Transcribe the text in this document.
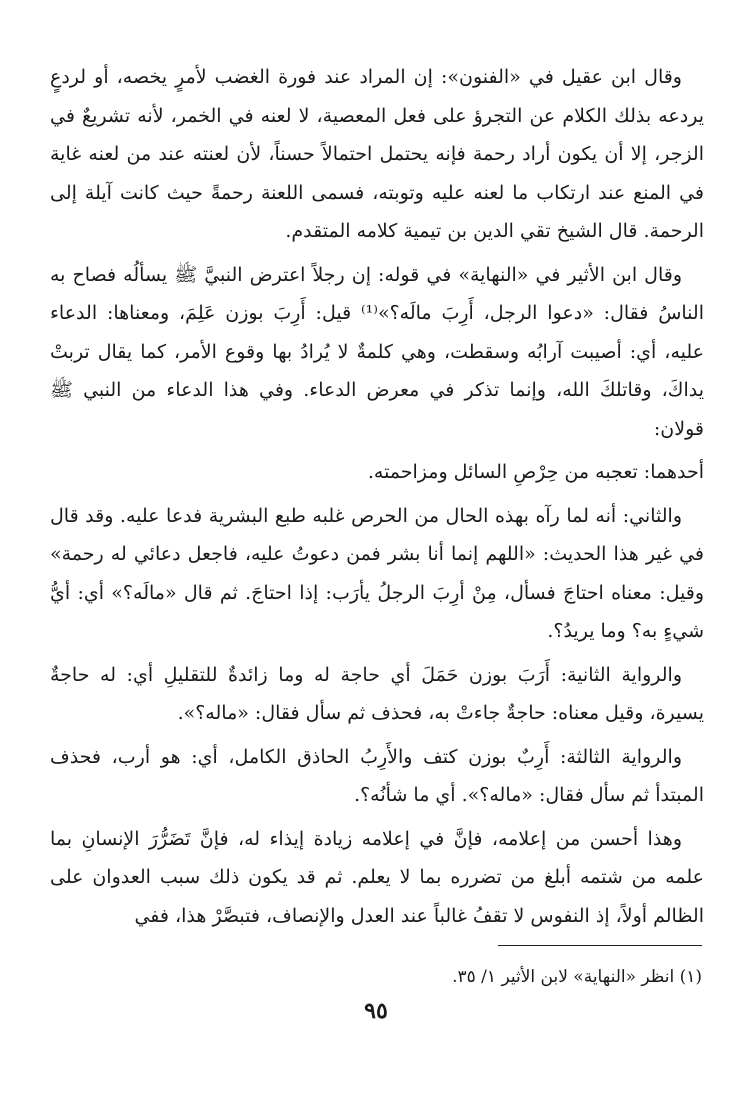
وقال ابن عقيل في «الفنون»: إن المراد عند فورة الغضب لأمرٍ يخصه، أو لردعٍ يردعه بذلك الكلام عن التجرؤ على فعل المعصية، لا لعنه في الخمر، لأنه تشريعٌ في الزجر، إلا أن يكون أراد رحمة فإنه يحتمل احتمالاً حسناً، لأن لعنته عند من لعنه غاية في المنع عند ارتكاب ما لعنه عليه وتوبته، فسمى اللعنة رحمةً حيث كانت آيلة إلى الرحمة. قال الشيخ تقي الدين بن تيمية كلامه المتقدم.

وقال ابن الأثير في «النهاية» في قوله: إن رجلاً اعترض النبيَّ ﷺ يسألُه فصاح به الناسُ فقال: «دعوا الرجل، أَرِبَ مالَه؟»⁽¹⁾ قيل: أَرِبَ بوزن عَلِمَ، ومعناها: الدعاء عليه، أي: أصيبت آرابُه وسقطت، وهي كلمةٌ لا يُرادُ بها وقوع الأمر، كما يقال تربتْ يداكَ، وقاتلكَ الله، وإنما تذكر في معرض الدعاء. وفي هذا الدعاء من النبي ﷺ قولان:

أحدهما: تعجبه من حِرْصِ السائل ومزاحمته.

والثاني: أنه لما رآه بهذه الحال من الحرص غلبه طبع البشرية فدعا عليه. وقد قال في غير هذا الحديث: «اللهم إنما أنا بشر فمن دعوتُ عليه، فاجعل دعائي له رحمة» وقيل: معناه احتاجَ فسأل، مِنْ أرِبَ الرجلُ يأرَب: إذا احتاجَ. ثم قال «مالَه؟» أي: أيُّ شيءٍ به؟ وما يريدُ؟.

والرواية الثانية: أَرَبَ بوزن حَمَلَ أي حاجة له وما زائدةٌ للتقليلِ أي: له حاجةٌ يسيرة، وقيل معناه: حاجةٌ جاءتْ به، فحذف ثم سأل فقال: «ماله؟».

والرواية الثالثة: أَرِبٌ بوزن كتف والأَرِبُ الحاذق الكامل، أي: هو أرب، فحذف المبتدأ ثم سأل فقال: «ماله؟». أي ما شأنُه؟.

وهذا أحسن من إعلامه، فإنَّ في إعلامه زيادة إيذاء له، فإنَّ تَضَرُّرَ الإنسانِ بما علمه من شتمه أبلغ من تضرره بما لا يعلم. ثم قد يكون ذلك سبب العدوان على الظالم أولاً، إذ النفوس لا تقفُ غالباً عند العدل والإنصاف، فتبصَّرْ هذا، ففي

(١) انظر «النهاية» لابن الأثير ١/ ٣٥.
٩٥
